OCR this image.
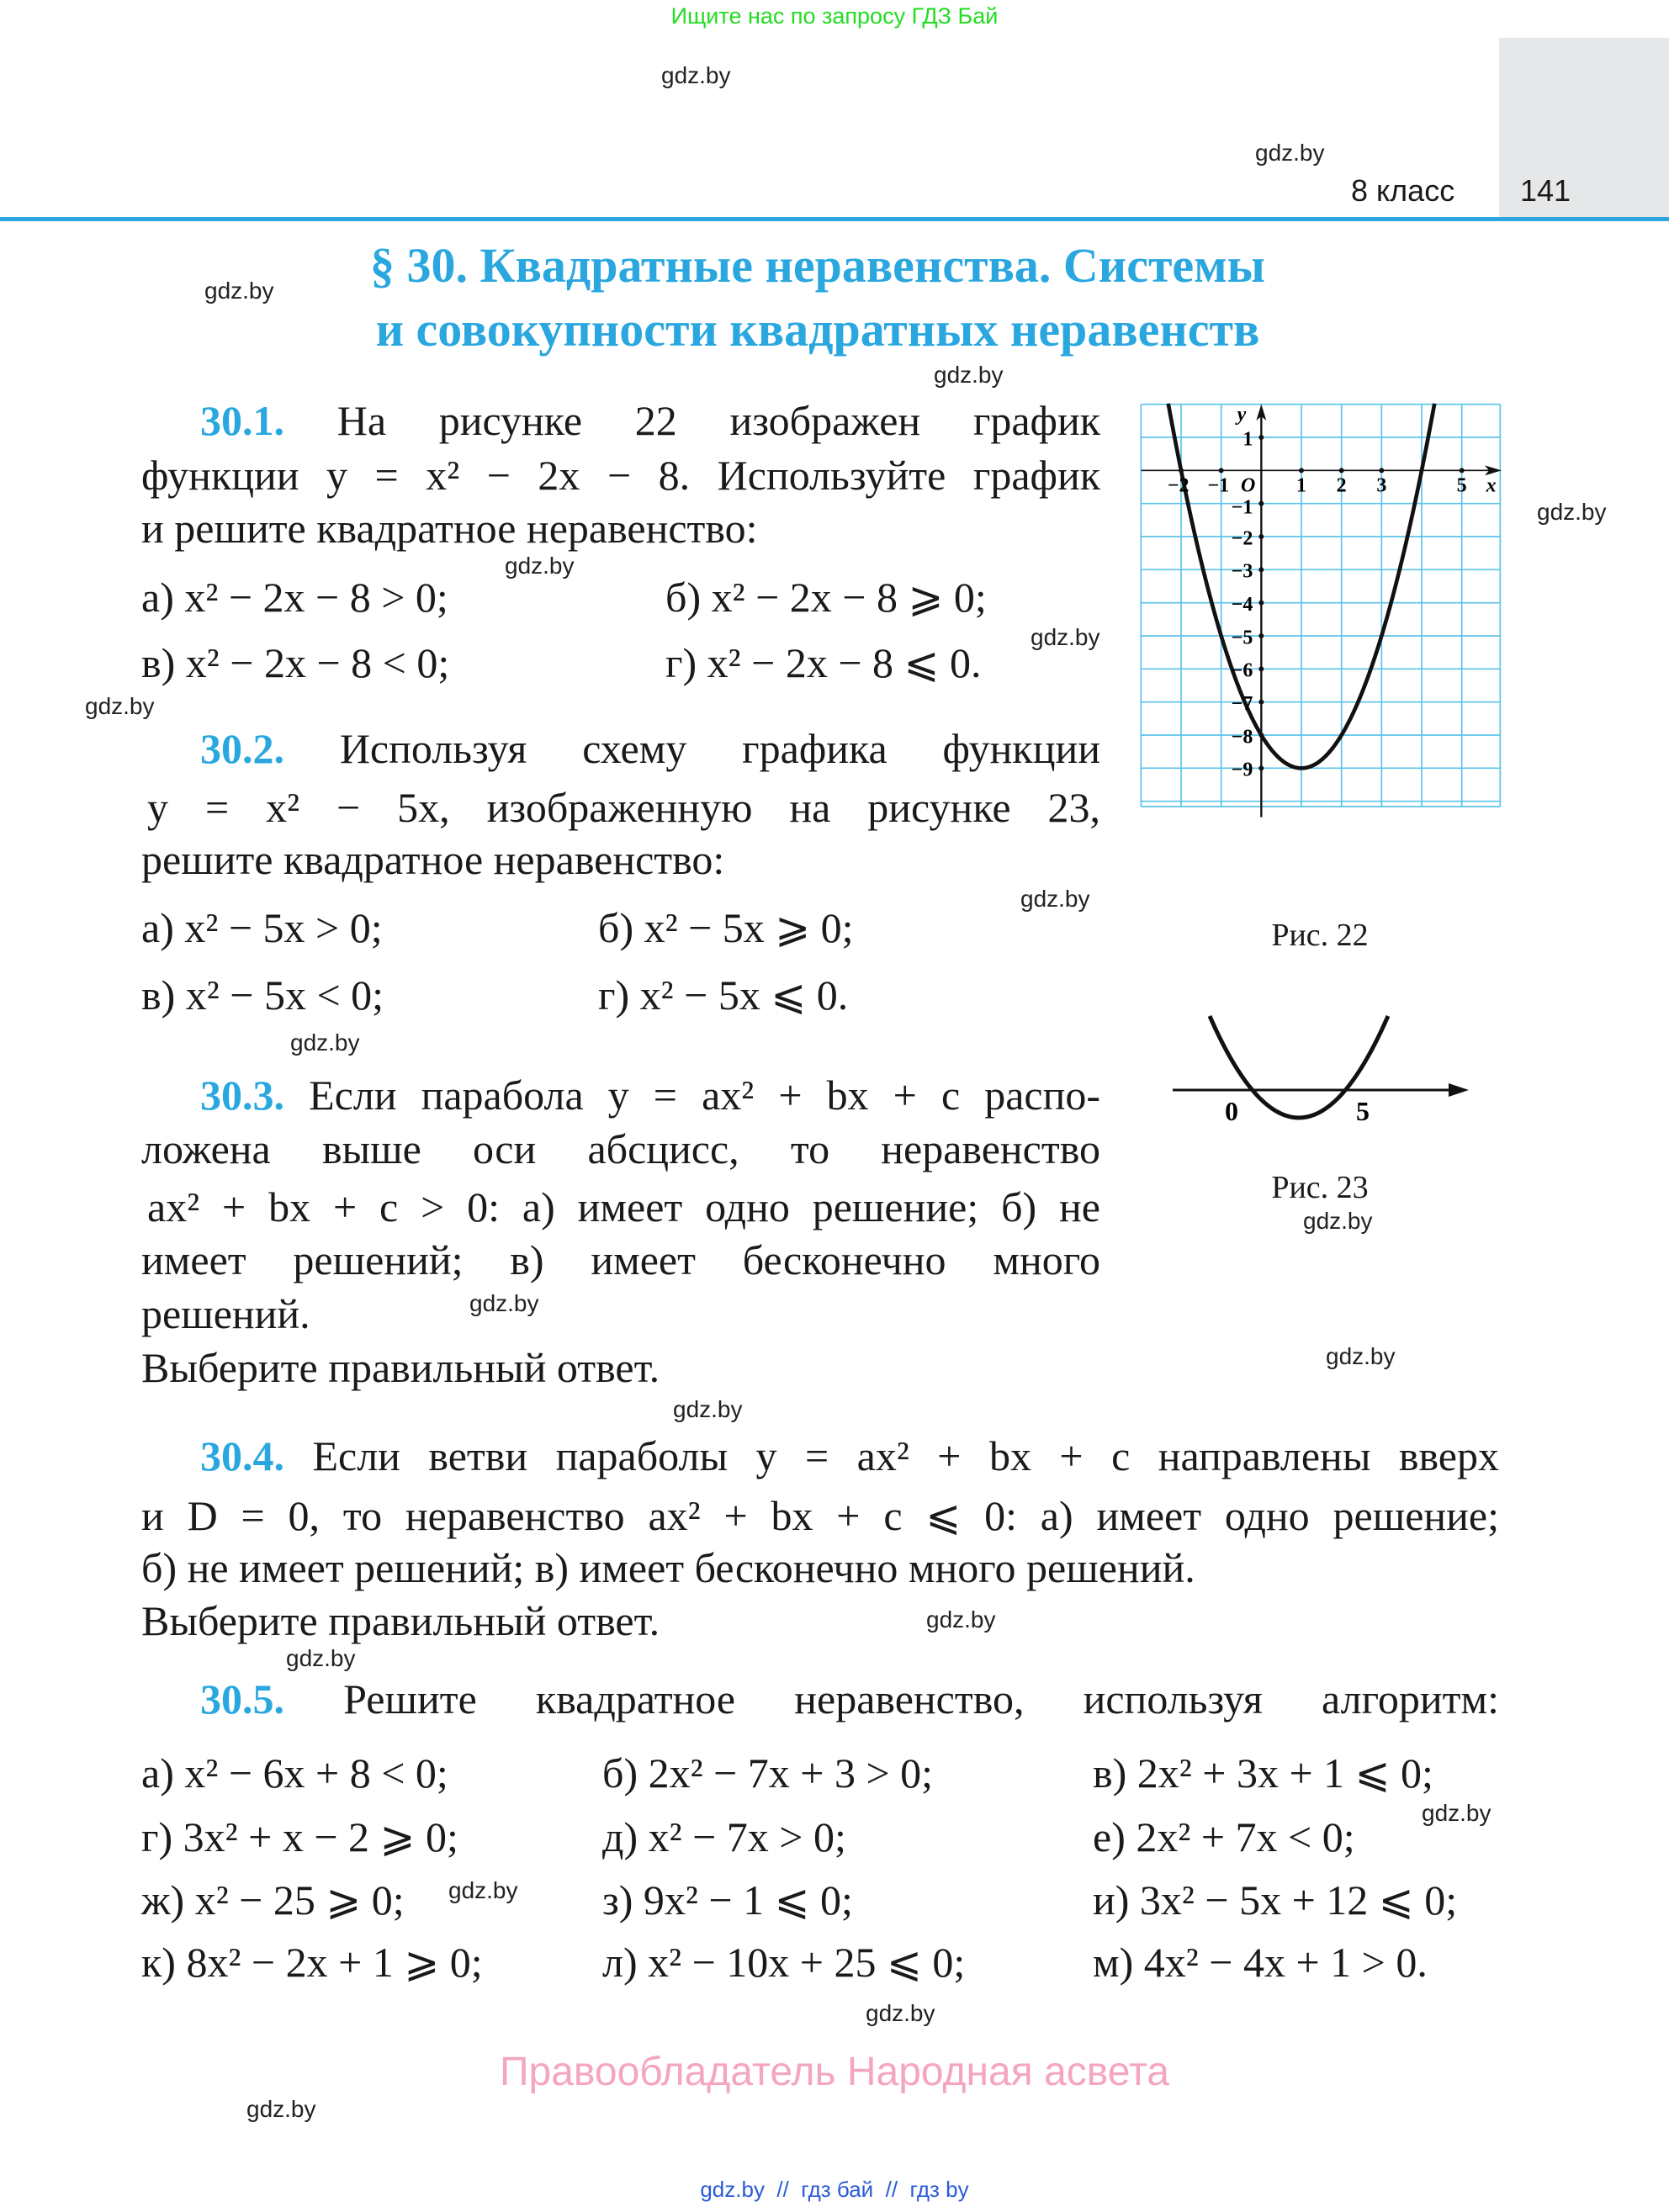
Ищите нас по запросу ГДЗ Бай
8 класс 141
§ 30. Квадратные неравенства. Системы
и совокупности квадратных неравенств
30.1. На рисунке 22 изображен график
функции y = x² − 2x − 8. Используйте график
и решите квадратное неравенство:
а) x² − 2x − 8 > 0;	б) x² − 2x − 8 ⩾ 0;
в) x² − 2x − 8 < 0;	г) x² − 2x − 8 ⩽ 0.
30.2. Используя схему графика функции
y = x² − 5x, изображенную на рисунке 23,
решите квадратное неравенство:
а) x² − 5x > 0;	б) x² − 5x ⩾ 0;
в) x² − 5x < 0;	г) x² − 5x ⩽ 0.
30.3. Если парабола y = ax² + bx + c распо-
ложена выше оси абсцисс, то неравенство
ax² + bx + c > 0: а) имеет одно решение; б) не
имеет решений; в) имеет бесконечно много
решений.
Выберите правильный ответ.
30.4. Если ветви параболы y = ax² + bx + c направлены вверх
и D = 0, то неравенство ax² + bx + c ⩽ 0: а) имеет одно решение;
б) не имеет решений; в) имеет бесконечно много решений.
Выберите правильный ответ.
30.5. Решите квадратное неравенство, используя алгоритм:
а) x² − 6x + 8 < 0;	б) 2x² − 7x + 3 > 0;	в) 2x² + 3x + 1 ⩽ 0;
г) 3x² + x − 2 ⩾ 0;	д) x² − 7x > 0;	е) 2x² + 7x < 0;
ж) x² − 25 ⩾ 0;	з) 9x² − 1 ⩽ 0;	и) 3x² − 5x + 12 ⩽ 0;
к) 8x² − 2x + 1 ⩾ 0;	л) x² − 10x + 25 ⩽ 0;	м) 4x² − 4x + 1 > 0.
−2 −1 1 2 3 5
1
−1
−2
−3
−4
−5
−6
−7
−8
−9
O	x
y
Рис. 22
0	5
Рис. 23
Правообладатель Народная асвета
gdz.by  //  гдз бай  //  гдз by
gdz.by
gdz.by
gdz.by
gdz.by
gdz.by
gdz.by
gdz.by
gdz.by
gdz.by
gdz.by
gdz.by
gdz.by
gdz.by
gdz.by
gdz.by
gdz.by
gdz.by
gdz.by
gdz.by
gdz.by
